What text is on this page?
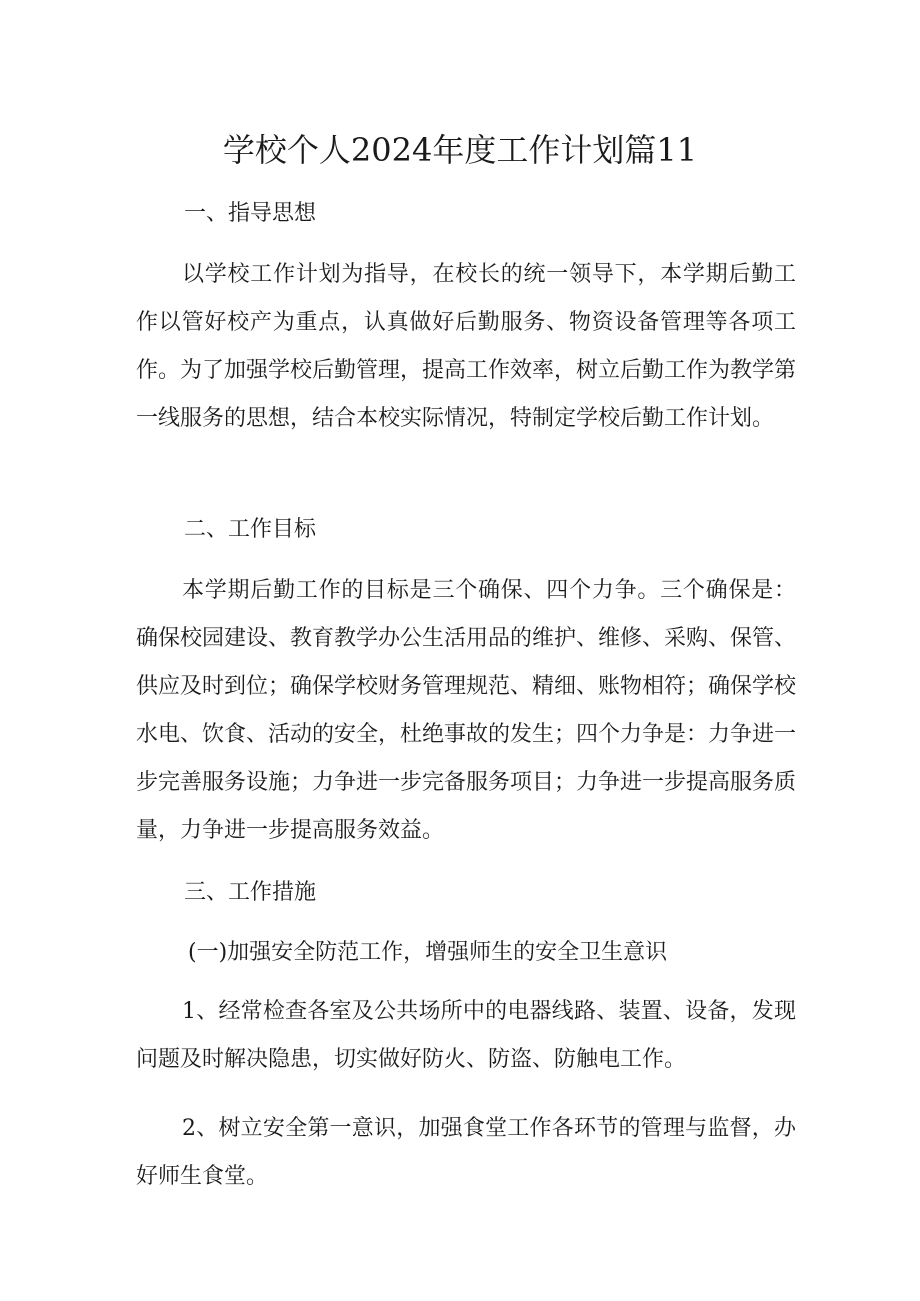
学校个人2024年度工作计划篇11
一、指导思想

以学校工作计划为指导，在校长的统一领导下，本学期后勤工作以管好校产为重点，认真做好后勤服务、物资设备管理等各项工作。为了加强学校后勤管理，提高工作效率，树立后勤工作为教学第一线服务的思想，结合本校实际情况，特制定学校后勤工作计划。

二、工作目标

本学期后勤工作的目标是三个确保、四个力争。三个确保是：确保校园建设、教育教学办公生活用品的维护、维修、采购、保管、供应及时到位；确保学校财务管理规范、精细、账物相符；确保学校水电、饮食、活动的安全，杜绝事故的发生；四个力争是：力争进一步完善服务设施；力争进一步完备服务项目；力争进一步提高服务质量，力争进一步提高服务效益。

三、工作措施

(一)加强安全防范工作，增强师生的安全卫生意识

1、经常检查各室及公共场所中的电器线路、装置、设备，发现问题及时解决隐患，切实做好防火、防盗、防触电工作。

2、树立安全第一意识，加强食堂工作各环节的管理与监督，办好师生食堂。
